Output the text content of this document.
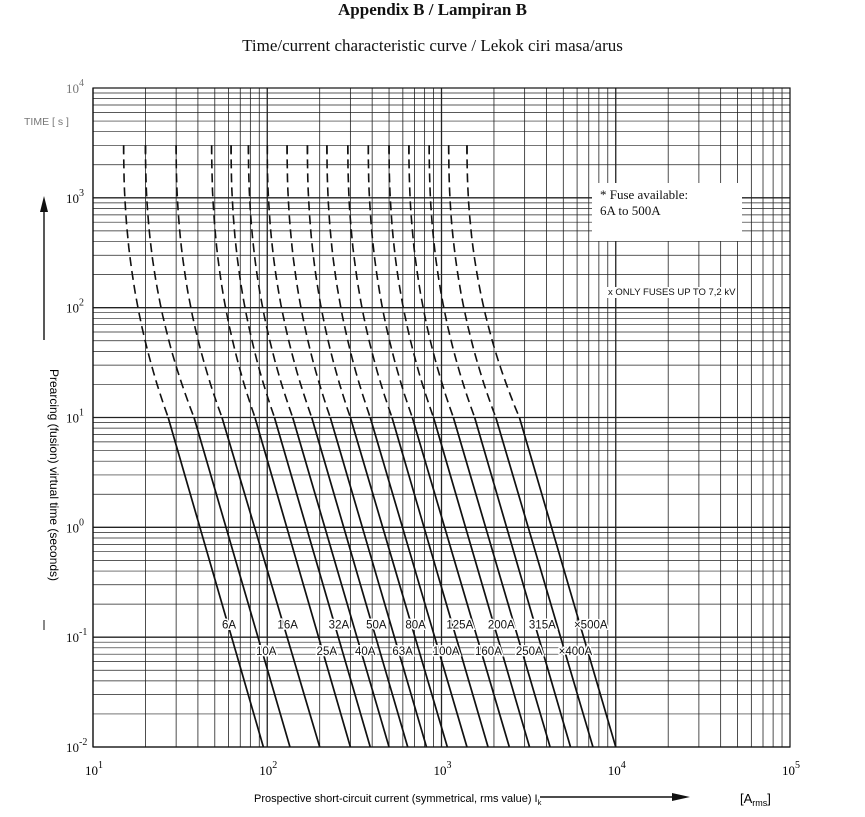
Appendix B / Lampiran B
Time/current characteristic curve / Lekok ciri masa/arus
6A
10A
16A
25A
32A
40A
50A
63A
80A
100A
125A
160A
200A
250A
315A
×400A
×500A
$10^1$	$10^2$	$10^3$	$10^4$	$10^5$
$10^4$
$10^3$
$10^2$
$10^1$
$10^0$
$10^{-1}$
$10^{-2}$
TIME [ s ]
Prearcing (fusion) virtual time (seconds)
Prospective short-circuit current (symmetrical, rms value) $I_k$	$[A_{rms}]$
* Fuse available:
6A to 500A
x ONLY FUSES UP TO 7,2 kV
